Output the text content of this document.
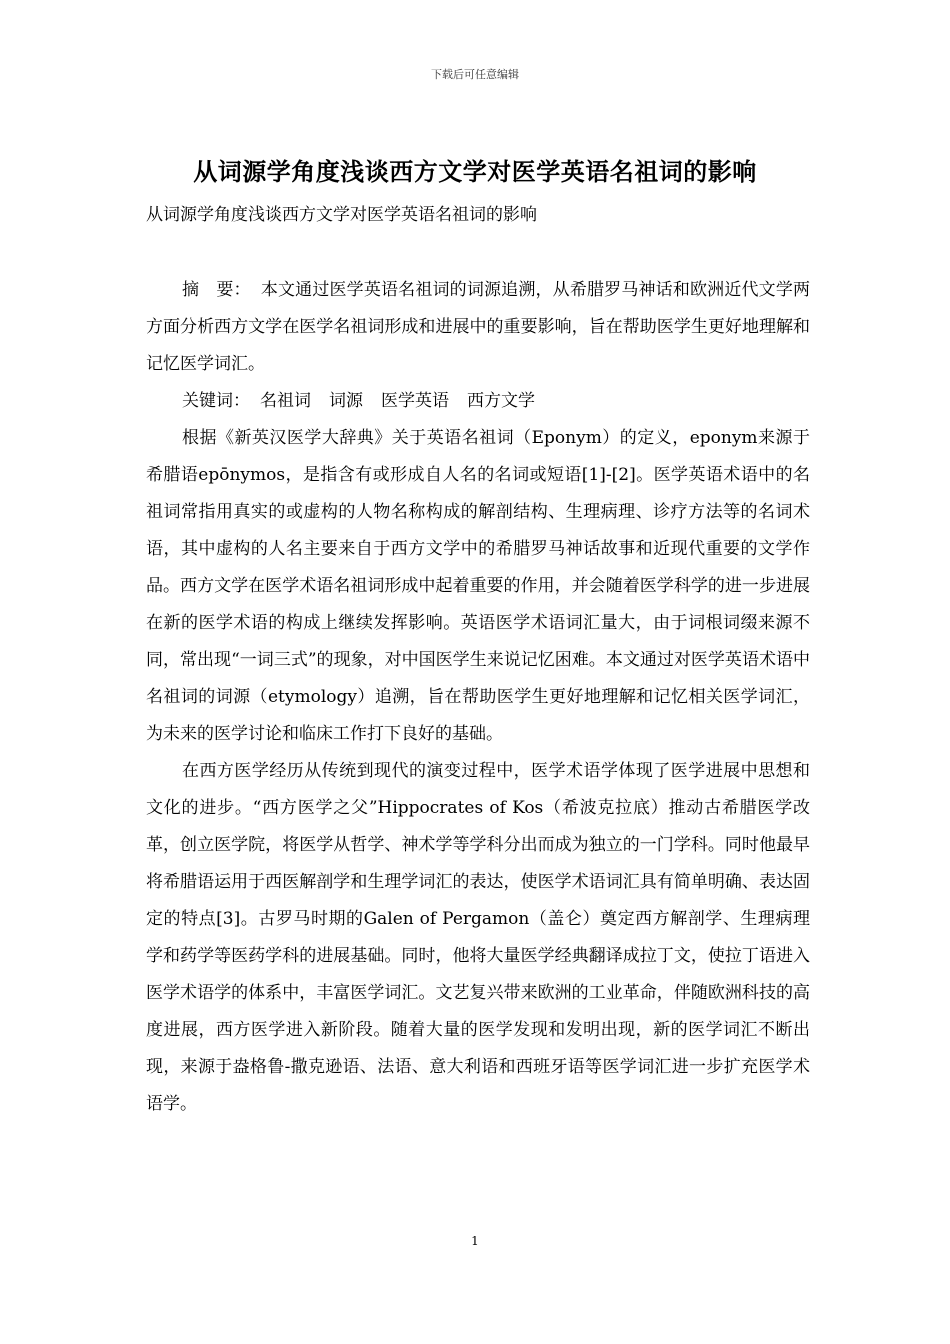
下载后可任意编辑
从词源学角度浅谈西方文学对医学英语名祖词的影响
从词源学角度浅谈西方文学对医学英语名祖词的影响

摘　要： 本文通过医学英语名祖词的词源追溯，从希腊罗马神话和欧洲近代文学两方面分析西方文学在医学名祖词形成和进展中的重要影响，旨在帮助医学生更好地理解和记忆医学词汇。

关键词： 名祖词 词源 医学英语 西方文学

根据《新英汉医学大辞典》关于英语名祖词（Eponym）的定义，eponym来源于希腊语epōnymos，是指含有或形成自人名的名词或短语[1]-[2]。医学英语术语中的名祖词常指用真实的或虚构的人物名称构成的解剖结构、生理病理、诊疗方法等的名词术语，其中虚构的人名主要来自于西方文学中的希腊罗马神话故事和近现代重要的文学作品。西方文学在医学术语名祖词形成中起着重要的作用，并会随着医学科学的进一步进展在新的医学术语的构成上继续发挥影响。英语医学术语词汇量大，由于词根词缀来源不同，常出现“一词三式”的现象，对中国医学生来说记忆困难。本文通过对医学英语术语中名祖词的词源（etymology）追溯，旨在帮助医学生更好地理解和记忆相关医学词汇，为未来的医学讨论和临床工作打下良好的基础。

在西方医学经历从传统到现代的演变过程中，医学术语学体现了医学进展中思想和文化的进步。“西方医学之父”Hippocrates of Kos（希波克拉底）推动古希腊医学改革，创立医学院，将医学从哲学、神术学等学科分出而成为独立的一门学科。同时他最早将希腊语运用于西医解剖学和生理学词汇的表达，使医学术语词汇具有简单明确、表达固定的特点[3]。古罗马时期的Galen of Pergamon（盖仑）奠定西方解剖学、生理病理学和药学等医药学科的进展基础。同时，他将大量医学经典翻译成拉丁文，使拉丁语进入医学术语学的体系中，丰富医学词汇。文艺复兴带来欧洲的工业革命，伴随欧洲科技的高度进展，西方医学进入新阶段。随着大量的医学发现和发明出现，新的医学词汇不断出现，来源于盎格鲁-撒克逊语、法语、意大利语和西班牙语等医学词汇进一步扩充医学术语学。

1
